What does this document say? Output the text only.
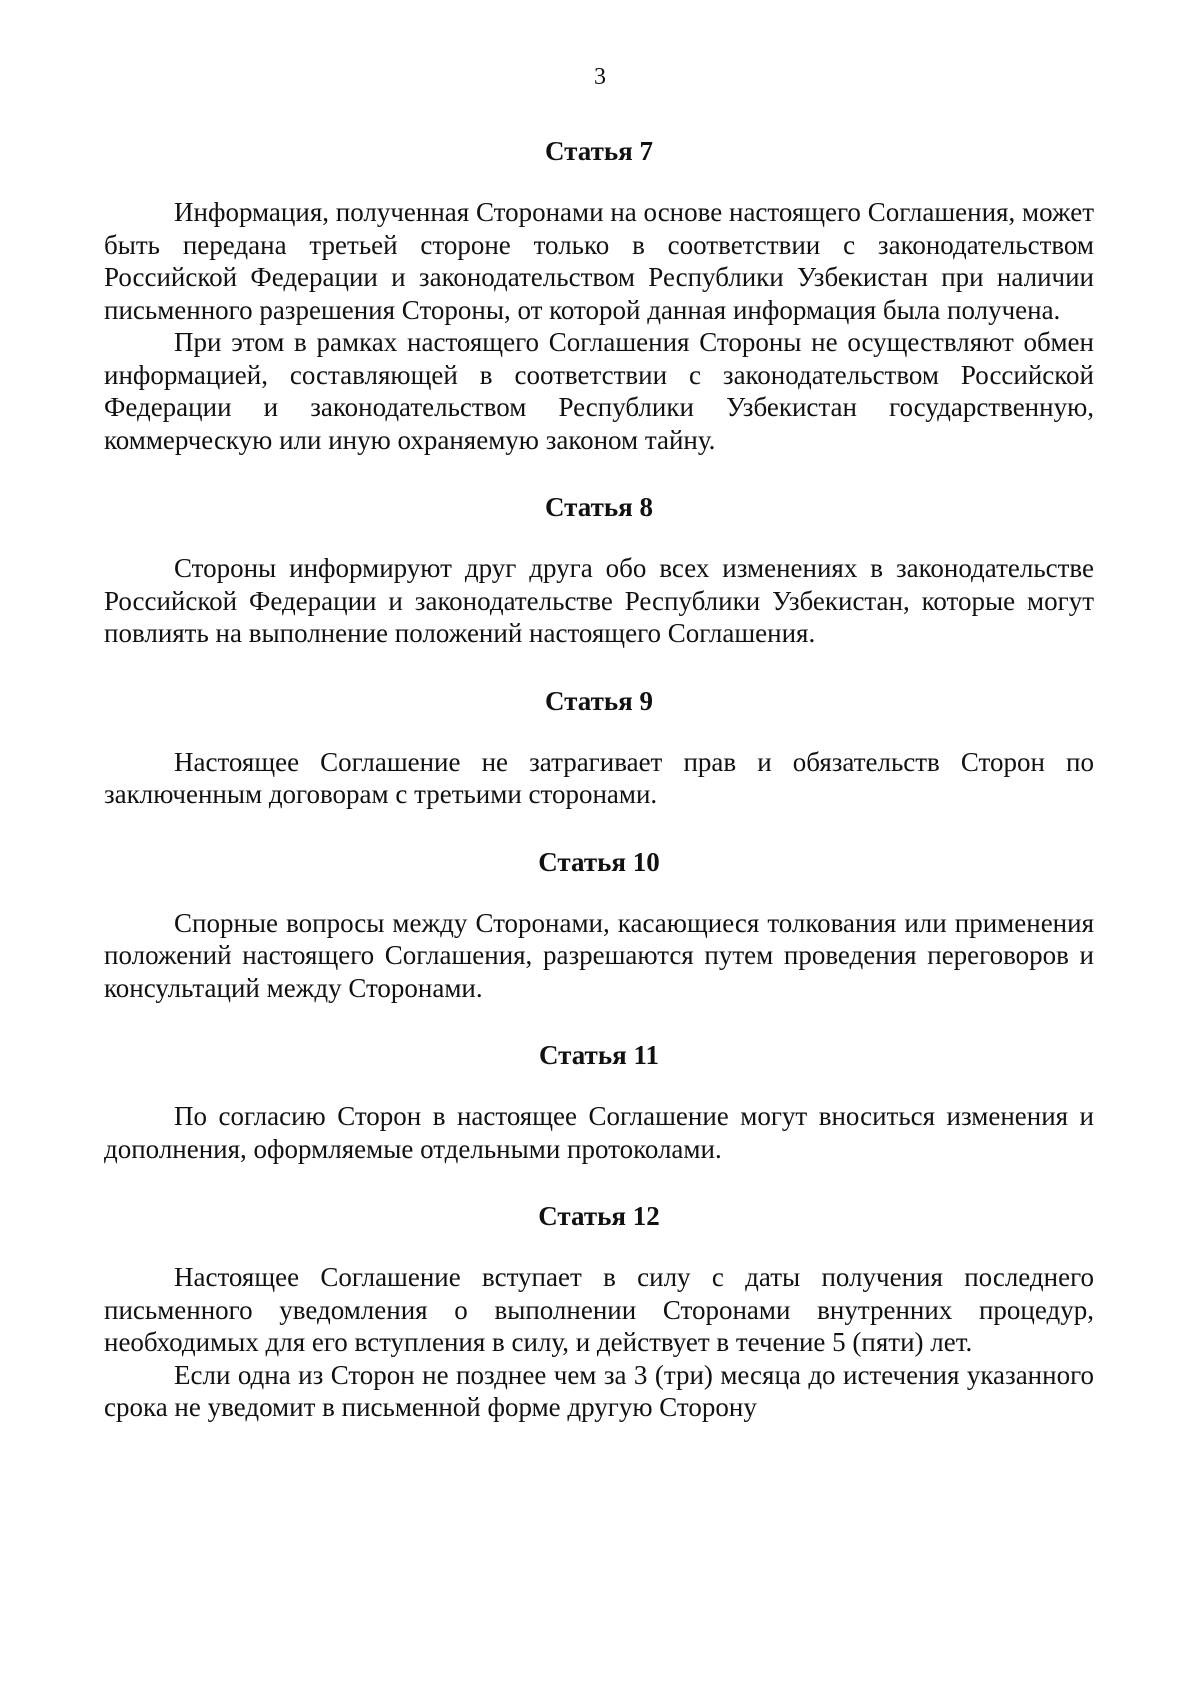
3
Статья 7

Информация, полученная Сторонами на основе настоящего Соглашения, может быть передана третьей стороне только в соответствии с законодательством Российской Федерации и законодательством Республики Узбекистан при наличии письменного разрешения Стороны, от которой данная информация была получена.

При этом в рамках настоящего Соглашения Стороны не осуществляют обмен информацией, составляющей в соответствии с законодательством Российской Федерации и законодательством Республики Узбекистан государственную, коммерческую или иную охраняемую законом тайну.

Статья 8

Стороны информируют друг друга обо всех изменениях в законодательстве Российской Федерации и законодательстве Республики Узбекистан, которые могут повлиять на выполнение положений настоящего Соглашения.

Статья 9

Настоящее Соглашение не затрагивает прав и обязательств Сторон по заключенным договорам с третьими сторонами.

Статья 10

Спорные вопросы между Сторонами, касающиеся толкования или применения положений настоящего Соглашения, разрешаются путем проведения переговоров и консультаций между Сторонами.

Статья 11

По согласию Сторон в настоящее Соглашение могут вноситься изменения и дополнения, оформляемые отдельными протоколами.

Статья 12

Настоящее Соглашение вступает в силу с даты получения последнего письменного уведомления о выполнении Сторонами внутренних процедур, необходимых для его вступления в силу, и действует в течение 5 (пяти) лет.

Если одна из Сторон не позднее чем за 3 (три) месяца до истечения указанного срока не уведомит в письменной форме другую Сторону
